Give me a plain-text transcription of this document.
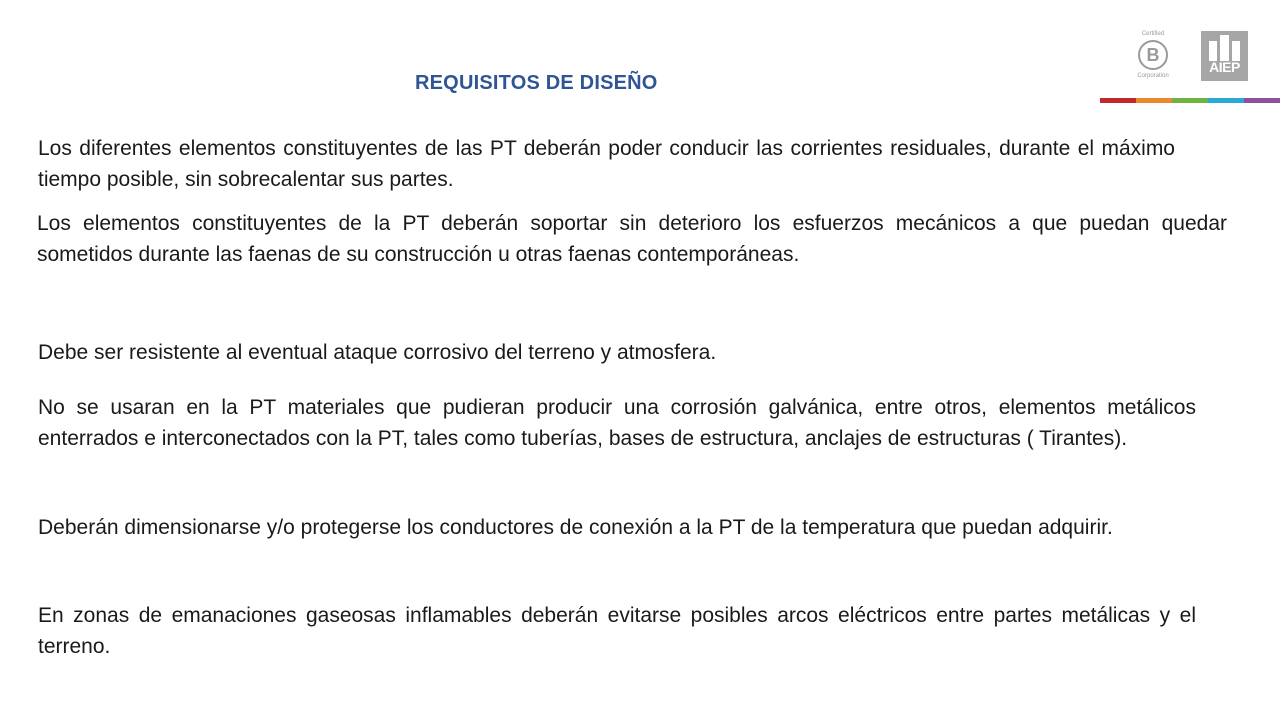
Certified
B
Corporation
AIEP
REQUISITOS DE DISEÑO

Los diferentes elementos constituyentes de las PT deberán poder conducir las corrientes residuales, durante el máximo tiempo posible, sin sobrecalentar sus partes.

Los elementos constituyentes de la PT deberán soportar sin deterioro los esfuerzos mecánicos a que puedan quedar sometidos durante las faenas de su construcción u otras faenas contemporáneas.

Debe ser resistente al eventual ataque corrosivo del terreno y atmosfera.

No se usaran en la PT materiales que pudieran producir una corrosión galvánica, entre otros, elementos metálicos enterrados e interconectados con la PT, tales como tuberías, bases de estructura, anclajes de estructuras ( Tirantes).

Deberán dimensionarse y/o protegerse los conductores de conexión a la PT de la temperatura que puedan adquirir.

En zonas de emanaciones gaseosas inflamables deberán evitarse posibles arcos eléctricos entre partes metálicas y el terreno.
